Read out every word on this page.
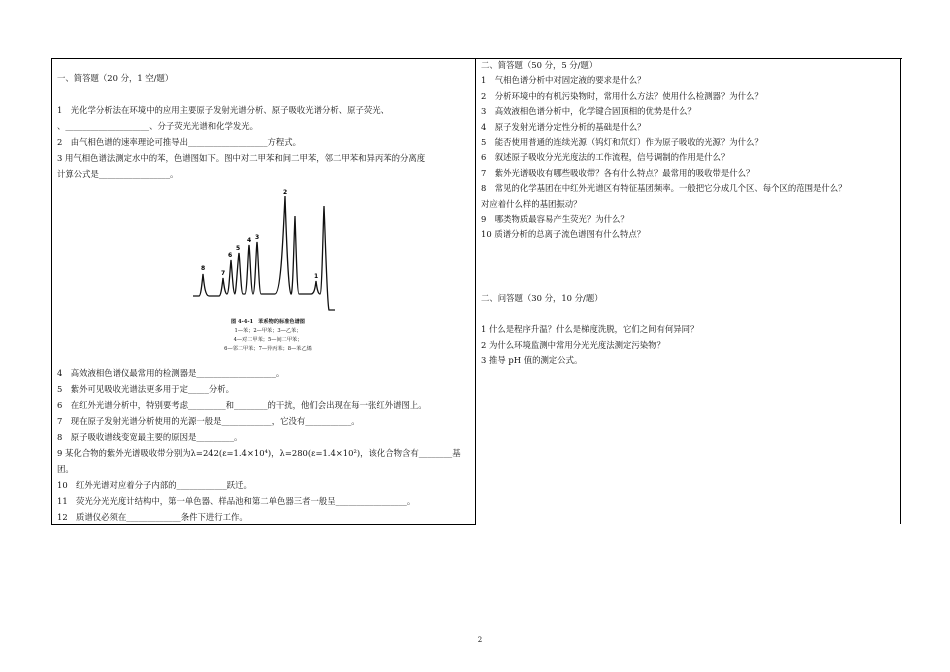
一、简答题（20 分，1 空/题）
1　光化学分析法在环境中的应用主要原子发射光谱分析、原子吸收光谱分析、原子荧光、
、____________________、分子荧光光谱和化学发光。
2　由气相色谱的速率理论可推导出___________________方程式。
3 用气相色谱法测定水中的苯，色谱图如下。图中对二甲苯和间二甲苯，邻二甲苯和异丙苯的分离度
计算公式是_________________。
8
7
6
5
4 3
2
1
图 4-4-1　苯系物的标准色谱图
1—苯；2—甲苯；3—乙苯；
4—对二甲苯；5—间二甲苯；
6—邻二甲苯；7—异丙苯；8—苯乙烯
4　高效液相色谱仪最常用的检测器是___________________。
5　紫外可见吸收光谱法更多用于定_____分析。
6　在红外光谱分析中，特别要考虑_________和________的干扰，他们会出现在每一张红外谱图上。
7　现在原子发射光谱分析使用的光源一般是____________，它没有___________。
8　原子吸收谱线变宽最主要的原因是_________。
9 某化合物的紫外光谱吸收带分别为λ=242(ε=1.4×10⁴)，λ=280(ε=1.4×10²)，该化合物含有________基
团。
10　红外光谱对应着分子内部的____________跃迁。
11　荧光分光光度计结构中，第一单色器、样品池和第二单色器三者一般呈_________________。
12　质谱仪必须在_____________条件下进行工作。
二、简答题（50 分，5 分/题）
1　气相色谱分析中对固定液的要求是什么？
2　分析环境中的有机污染物时，常用什么方法？使用什么检测器？为什么？
3　高效液相色谱分析中，化学键合固顶相的优势是什么？
4　原子发射光谱分定性分析的基础是什么？
5　能否使用普通的连续光源（钨灯和氘灯）作为原子吸收的光源？为什么？
6　叙述原子吸收分光光度法的工作流程，信号调制的作用是什么？
7　紫外光谱吸收有哪些吸收带？各有什么特点？最常用的吸收带是什么？
8　常见的化学基团在中红外光谱区有特征基团频率。一般把它分成几个区、每个区的范围是什么？
对应着什么样的基团振动？
9　哪类物质最容易产生荧光？为什么？
10 质谱分析的总离子流色谱图有什么特点？
二、问答题（30 分，10 分/题）
1 什么是程序升温？什么是梯度洗脱，它们之间有何异同？
2 为什么环境监测中常用分光光度法测定污染物？
3 推导 pH 值的测定公式。
2
